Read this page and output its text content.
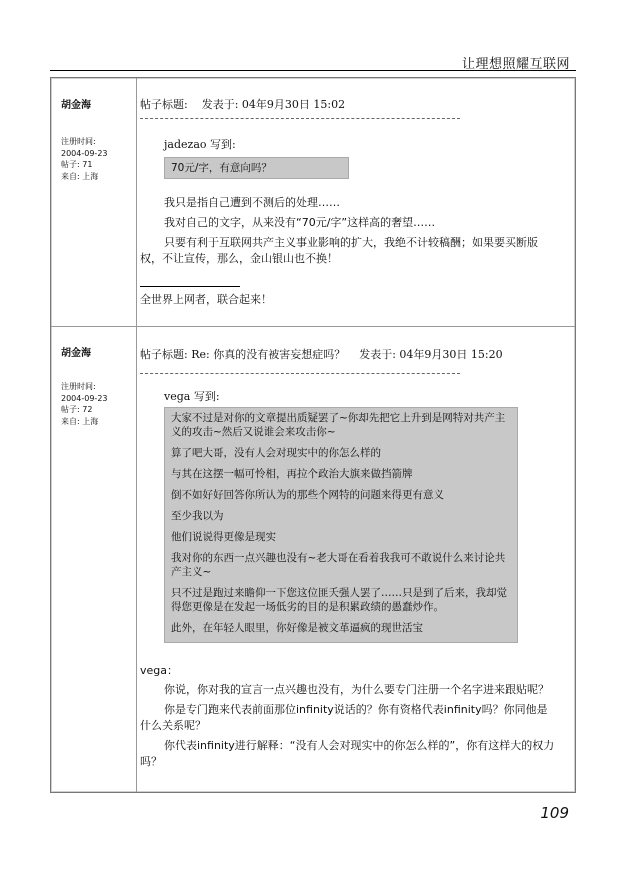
让理想照耀互联网
胡金海
注册时间:
2004-09-23
帖子: 71
来自: 上海
帖子标题: 发表于: 04年9月30日 15:02
jadezao 写到:

70元/字，有意向吗？

我只是指自己遭到不测后的处理……

我对自己的文字，从来没有“70元/字”这样高的奢望……

只要有利于互联网共产主义事业影响的扩大，我绝不计较稿酬；如果要买断版权，不让宣传，那么，金山银山也不换！

全世界上网者，联合起来！
胡金海
注册时间:
2004-09-23
帖子: 72
来自: 上海
帖子标题: Re: 你真的没有被害妄想症吗？ 发表于: 04年9月30日 15:20
vega 写到:

大家不过是对你的文章提出质疑罢了~你却先把它上升到是网特对共产主义的攻击~然后又说谁会来攻击你~

算了吧大哥，没有人会对现实中的你怎么样的

与其在这摆一幅可怜相，再拉个政治大旗来做挡箭牌

倒不如好好回答你所认为的那些个网特的问题来得更有意义

至少我以为

他们说说得更像是现实

我对你的东西一点兴趣也没有~老大哥在看着我我可不敢说什么来讨论共产主义~

只不过是跑过来瞻仰一下您这位匪夭强人罢了……只是到了后来，我却觉得您更像是在发起一场低劣的目的是积累政绩的愚蠢炒作。

此外，在年轻人眼里，你好像是被文革逼疯的现世活宝

vega：

你说，你对我的宣言一点兴趣也没有，为什么要专门注册一个名字进来跟贴呢？

你是专门跑来代表前面那位infinity说话的？你有资格代表infinity吗？你同他是什么关系呢？

你代表infinity进行解释：“没有人会对现实中的你怎么样的”，你有这样大的权力吗？

109
